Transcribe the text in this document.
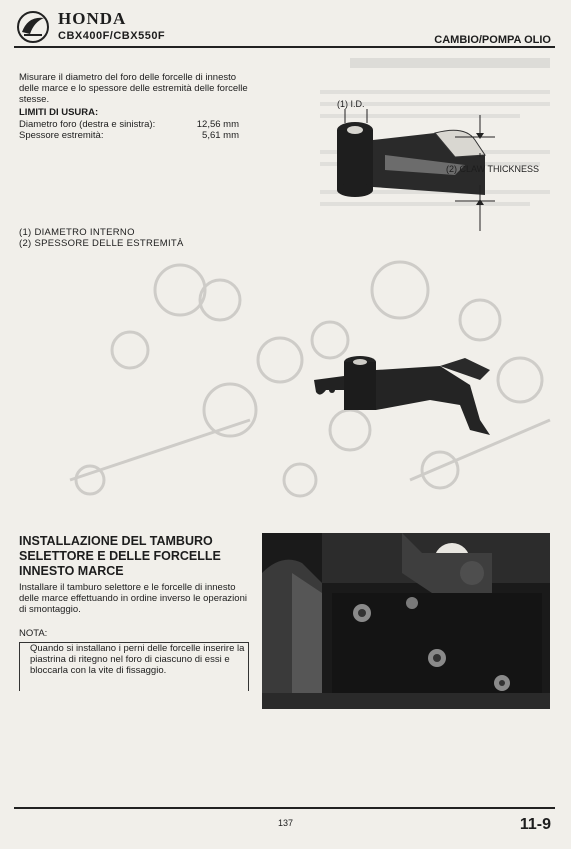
HONDA
CBX400F/CBX550F	CAMBIO/POMPA OLIO
Misurare il diametro del foro delle forcelle di innesto delle marce e lo spessore delle estremità delle forcelle stesse.
LIMITI DI USURA:
Diametro foro (destra e sinistra):	12,56 mm
Spessore estremità:	5,61 mm
(1) I.D.
(2) CLAW THICKNESS
(1) DIAMETRO INTERNO
(2) SPESSORE DELLE ESTREMITÀ
INSTALLAZIONE DEL TAMBURO SELETTORE E DELLE FORCELLE INNESTO MARCE
Installare il tamburo selettore e le forcelle di innesto delle marce effettuando in ordine inverso le operazioni di smontaggio.
NOTA:
Quando si installano i perni delle forcelle inserire la piastrina di ritegno nel foro di ciascuno di essi e bloccarla con la vite di fissaggio.
137	11-9
